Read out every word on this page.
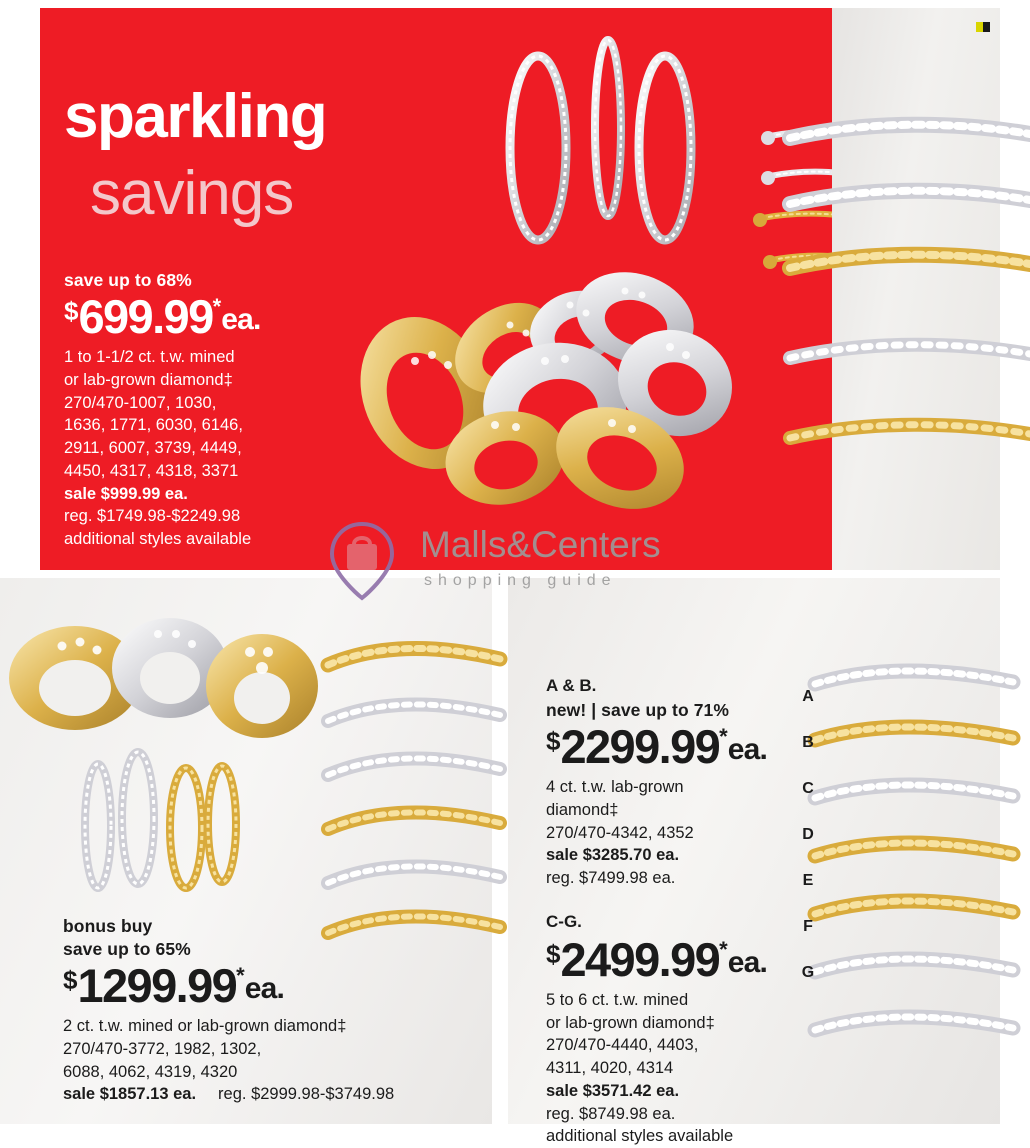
sparkling
savings
save up to 68%
$ 699.99 * ea.
1 to 1-1/2 ct. t.w. mined
or lab-grown diamond‡
270/470-1007, 1030,
1636, 1771, 6030, 6146,
2911, 6007, 3739, 4449,
4450, 4317, 4318, 3371
sale $999.99 ea.
reg. $1749.98-$2249.98
additional styles available
bonus buy
save up to 65%
$ 1299.99 * ea.
2 ct. t.w. mined or lab-grown diamond‡
270/470-3772, 1982, 1302,
6088, 4062, 4319, 4320
sale $1857.13 ea. reg. $2999.98-$3749.98
A
B
C
D
E
F
G
A & B.
new! | save up to 71%
$ 2299.99 * ea.
4 ct. t.w. lab-grown
diamond‡
270/470-4342, 4352
sale $3285.70 ea.
reg. $7499.98 ea.
C-G.
$ 2499.99 * ea.
5 to 6 ct. t.w. mined
or lab-grown diamond‡
270/470-4440, 4403,
4311, 4020, 4314
sale $3571.42 ea.
reg. $8749.98 ea.
additional styles available
Malls&Centers
shopping guide
